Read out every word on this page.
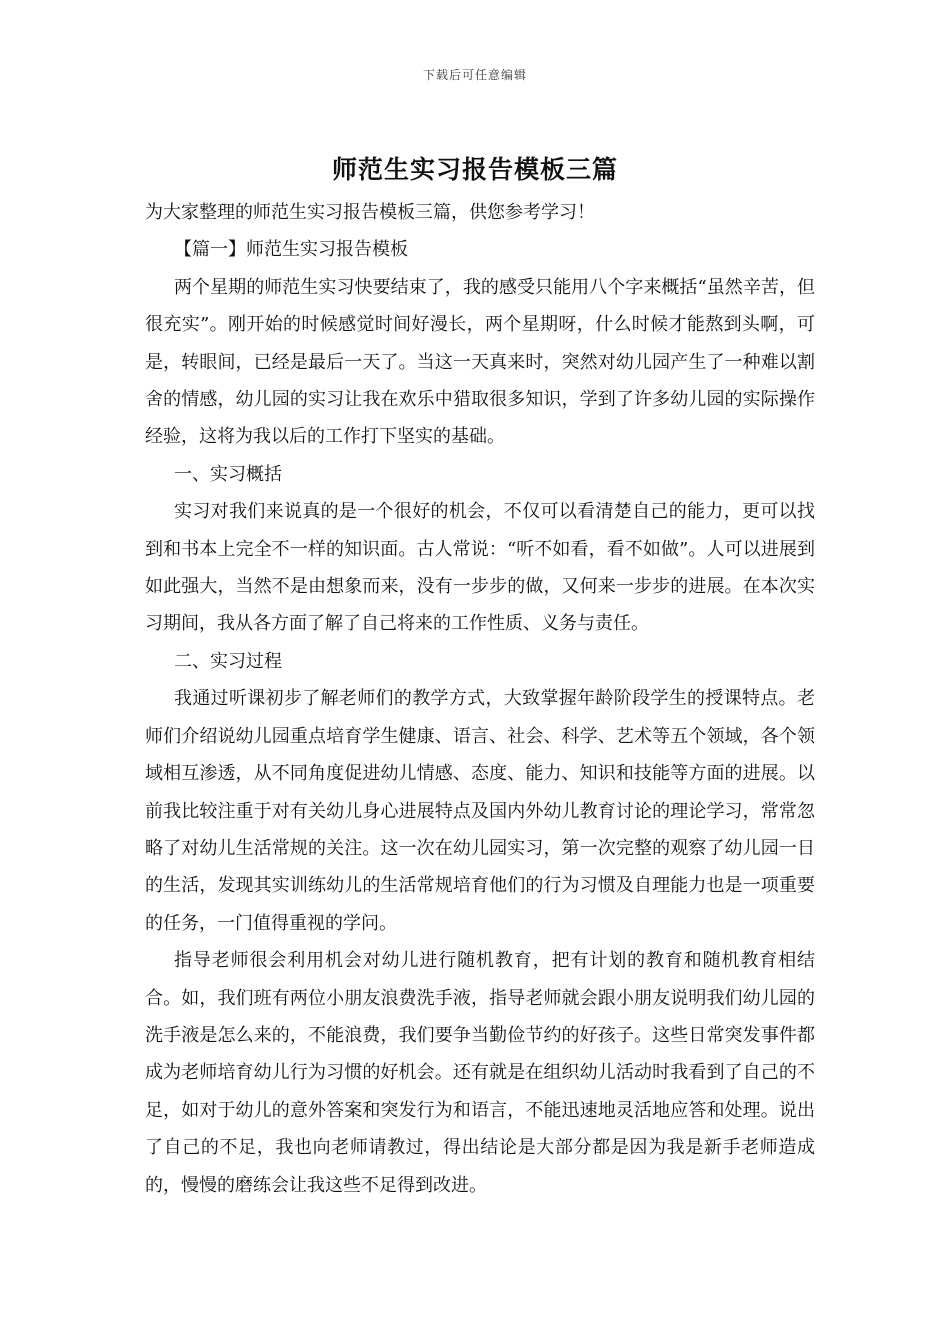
下载后可任意编辑
师范生实习报告模板三篇

为大家整理的师范生实习报告模板三篇，供您参考学习！

【篇一】师范生实习报告模板

两个星期的师范生实习快要结束了，我的感受只能用八个字来概括“虽然辛苦，但很充实”。刚开始的时候感觉时间好漫长，两个星期呀，什么时候才能熬到头啊，可是，转眼间，已经是最后一天了。当这一天真来时，突然对幼儿园产生了一种难以割舍的情感，幼儿园的实习让我在欢乐中猎取很多知识，学到了许多幼儿园的实际操作经验，这将为我以后的工作打下坚实的基础。

一、实习概括

实习对我们来说真的是一个很好的机会，不仅可以看清楚自己的能力，更可以找到和书本上完全不一样的知识面。古人常说：“听不如看，看不如做”。人可以进展到如此强大，当然不是由想象而来，没有一步步的做，又何来一步步的进展。在本次实习期间，我从各方面了解了自己将来的工作性质、义务与责任。

二、实习过程

我通过听课初步了解老师们的教学方式，大致掌握年龄阶段学生的授课特点。老师们介绍说幼儿园重点培育学生健康、语言、社会、科学、艺术等五个领域，各个领域相互渗透，从不同角度促进幼儿情感、态度、能力、知识和技能等方面的进展。以前我比较注重于对有关幼儿身心进展特点及国内外幼儿教育讨论的理论学习，常常忽略了对幼儿生活常规的关注。这一次在幼儿园实习，第一次完整的观察了幼儿园一日的生活，发现其实训练幼儿的生活常规培育他们的行为习惯及自理能力也是一项重要的任务，一门值得重视的学问。

指导老师很会利用机会对幼儿进行随机教育，把有计划的教育和随机教育相结合。如，我们班有两位小朋友浪费洗手液，指导老师就会跟小朋友说明我们幼儿园的洗手液是怎么来的，不能浪费，我们要争当勤俭节约的好孩子。这些日常突发事件都成为老师培育幼儿行为习惯的好机会。还有就是在组织幼儿活动时我看到了自己的不足，如对于幼儿的意外答案和突发行为和语言，不能迅速地灵活地应答和处理。说出了自己的不足，我也向老师请教过，得出结论是大部分都是因为我是新手老师造成的，慢慢的磨练会让我这些不足得到改进。
